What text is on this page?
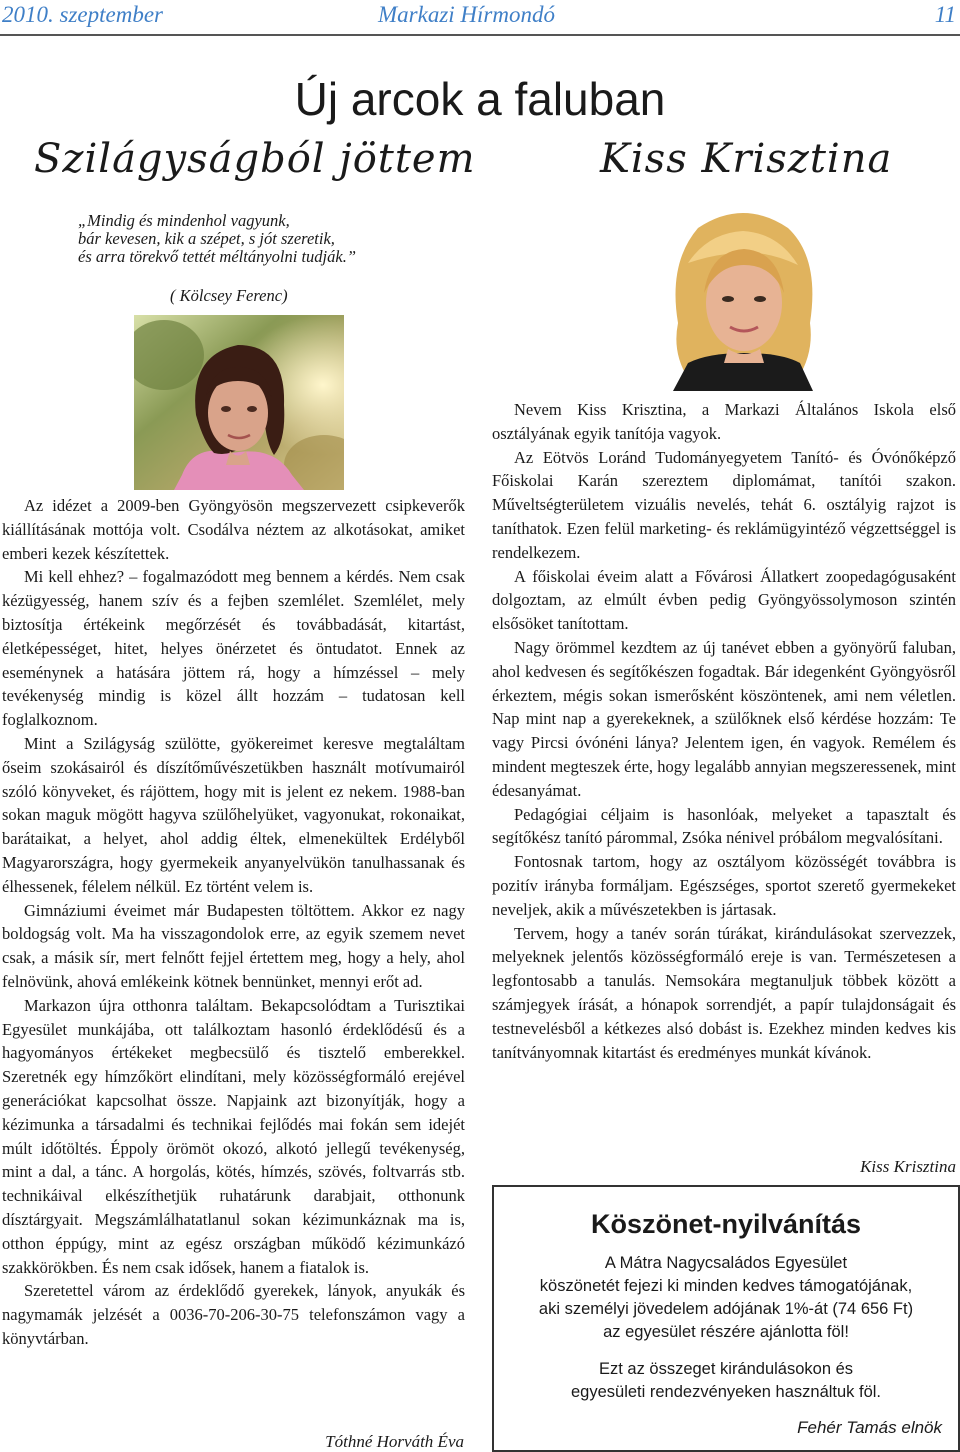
2010. szeptember	Markazi Hírmondó	11
Új arcok a faluban
Szilágyságból jöttem	Kiss Krisztina
„Mindig és mindenhol vagyunk,
bár kevesen, kik a szépet, s jót szeretik,
és arra törekvő tettét méltányolni tudják.”
( Kölcsey Ferenc)

Az idézet a 2009-ben Gyöngyösön megszervezett csipkeverők kiállításának mottója volt. Csodálva néztem az alkotásokat, amiket emberi kezek készítettek.

Mi kell ehhez? – fogalmazódott meg bennem a kérdés. Nem csak kézügyesség, hanem szív és a fejben szemlélet. Szemlélet, mely biztosítja értékeink megőrzését és továbbadását, kitartást, életképességet, hitet, helyes önérzetet és öntudatot. Ennek az eseménynek a hatására jöttem rá, hogy a hímzéssel – mely tevékenység mindig is közel állt hozzám – tudatosan kell foglalkoznom.

Mint a Szilágyság szülötte, gyökereimet keresve megtaláltam őseim szokásairól és díszítőművészetükben használt motívumairól szóló könyveket, és rájöttem, hogy mit is jelent ez nekem. 1988-ban sokan maguk mögött hagyva szülőhelyüket, vagyonukat, rokonaikat, barátaikat, a helyet, ahol addig éltek, elmenekültek Erdélyből Magyarországra, hogy gyermekeik anyanyelvükön tanulhassanak és élhessenek, félelem nélkül. Ez történt velem is.

Gimnáziumi éveimet már Budapesten töltöttem. Akkor ez nagy boldogság volt. Ma ha visszagondolok erre, az egyik szemem nevet csak, a másik sír, mert felnőtt fejjel értettem meg, hogy a hely, ahol felnövünk, ahová emlékeink kötnek bennünket, mennyi erőt ad.

Markazon újra otthonra találtam. Bekapcsolódtam a Turisztikai Egyesület munkájába, ott találkoztam hasonló érdeklődésű és a hagyományos értékeket megbecsülő és tisztelő emberekkel. Szeretnék egy hímzőkört elindítani, mely közösségformáló erejével generációkat kapcsolhat össze. Napjaink azt bizonyítják, hogy a kézimunka a társadalmi és technikai fejlődés mai fokán sem idejét múlt időtöltés. Éppoly örömöt okozó, alkotó jellegű tevékenység, mint a dal, a tánc. A horgolás, kötés, hímzés, szövés, foltvarrás stb. technikáival elkészíthetjük ruhatárunk darabjait, otthonunk dísztárgyait. Megszámlálhatatlanul sokan kézimunkáznak ma is, otthon éppúgy, mint az egész országban működő kézimunkázó szakkörökben. És nem csak idősek, hanem a fiatalok is.

Szeretettel várom az érdeklődő gyerekek, lányok, anyukák és nagymamák jelzését a 0036-70-206-30-75 telefonszámon vagy a könyvtárban.

Tóthné Horváth Éva

Nevem Kiss Krisztina, a Markazi Általános Iskola első osztályának egyik tanítója vagyok.

Az Eötvös Loránd Tudományegyetem Tanító- és Óvónőképző Főiskolai Karán szereztem diplomámat, tanítói szakon. Műveltségterületem vizuális nevelés, tehát 6. osztályig rajzot is taníthatok. Ezen felül marketing- és reklámügyintéző végzettséggel is rendelkezem.

A főiskolai éveim alatt a Fővárosi Állatkert zoopedagógusaként dolgoztam, az elmúlt évben pedig Gyöngyössolymoson szintén elsősöket tanítottam.

Nagy örömmel kezdtem az új tanévet ebben a gyönyörű faluban, ahol kedvesen és segítőkészen fogadtak. Bár idegenként Gyöngyösről érkeztem, mégis sokan ismerősként köszöntenek, ami nem véletlen. Nap mint nap a gyerekeknek, a szülőknek első kérdése hozzám: Te vagy Pircsi óvónéni lánya? Jelentem igen, én vagyok. Remélem és mindent megteszek érte, hogy legalább annyian megszeressenek, mint édesanyámat.

Pedagógiai céljaim is hasonlóak, melyeket a tapasztalt és segítőkész tanító párommal, Zsóka nénivel próbálom megvalósítani.

Fontosnak tartom, hogy az osztályom közösségét továbbra is pozitív irányba formáljam. Egészséges, sportot szerető gyermekeket neveljek, akik a művészetekben is jártasak.

Tervem, hogy a tanév során túrákat, kirándulásokat szervezzek, melyeknek jelentős közösségformáló ereje is van. Természetesen a legfontosabb a tanulás. Nemsokára megtanuljuk többek között a számjegyek írását, a hónapok sorrendjét, a papír tulajdonságait és testnevelésből a kétkezes alsó dobást is. Ezekhez minden kedves kis tanítványomnak kitartást és eredményes munkát kívánok.

Kiss Krisztina
Köszönet-nyilvánítás
A Mátra Nagycsaládos Egyesület
köszönetét fejezi ki minden kedves támogatójának,
aki személyi jövedelem adójának 1%-át (74 656 Ft)
az egyesület részére ajánlotta föl!
Ezt az összeget kirándulásokon és
egyesületi rendezvényeken használtuk föl.
Fehér Tamás elnök
